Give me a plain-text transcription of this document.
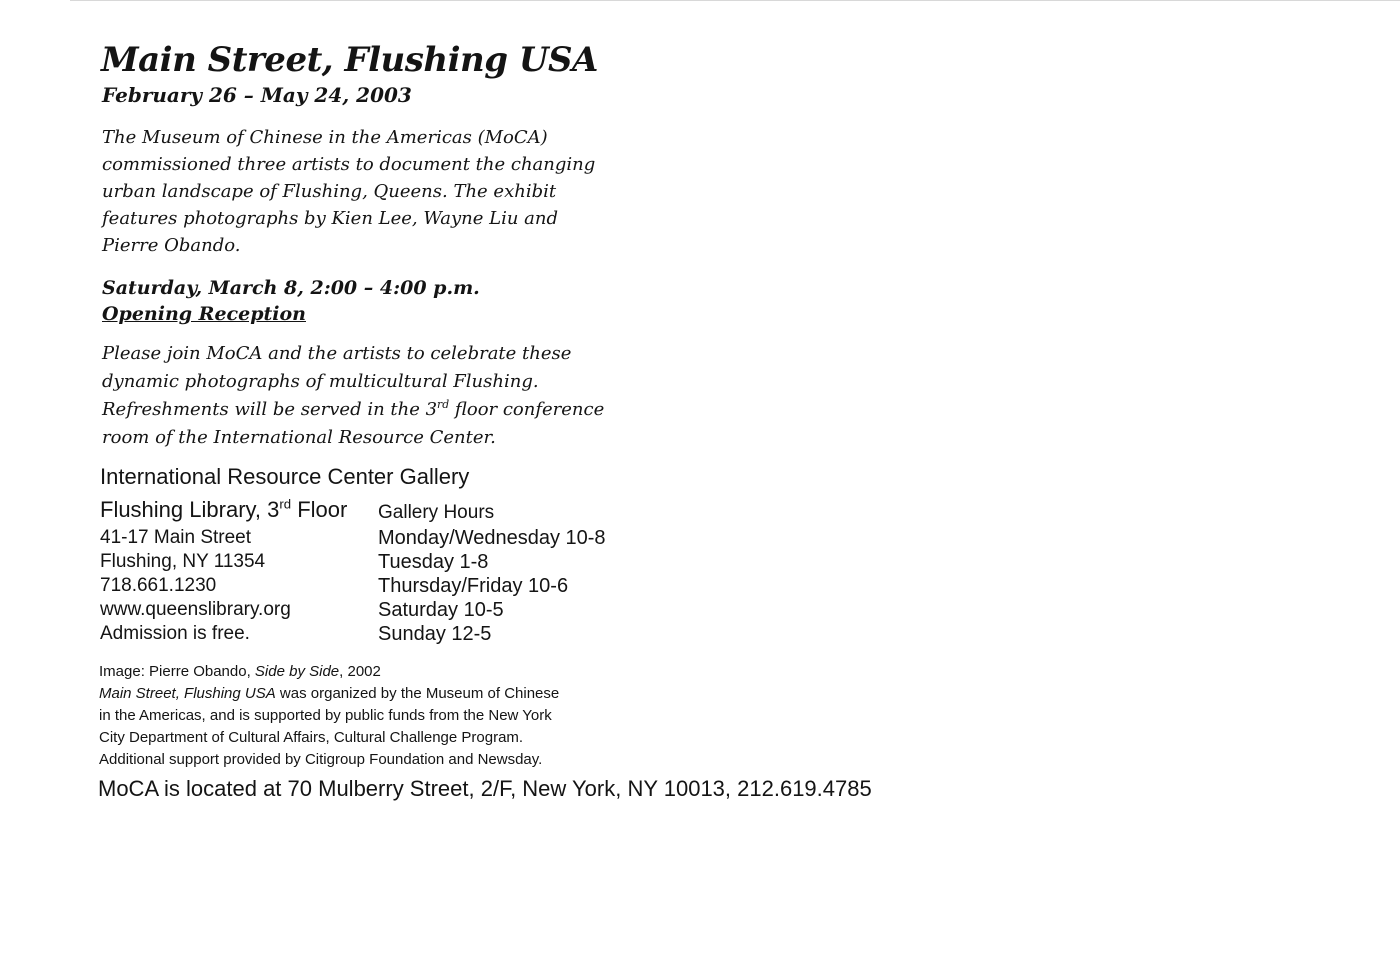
Main Street, Flushing USA
February 26 – May 24, 2003
The Museum of Chinese in the Americas (MoCA)
commissioned three artists to document the changing
urban landscape of Flushing, Queens. The exhibit
features photographs by Kien Lee, Wayne Liu and
Pierre Obando.
Saturday, March 8, 2:00 – 4:00 p.m.
Opening Reception
Please join MoCA and the artists to celebrate these
dynamic photographs of multicultural Flushing.
Refreshments will be served in the 3rd floor conference
room of the International Resource Center.
International Resource Center Gallery
Flushing Library, 3rd Floor
41-17 Main Street
Flushing, NY 11354
718.661.1230
www.queenslibrary.org
Admission is free.
Gallery Hours
Monday/Wednesday 10-8
Tuesday 1-8
Thursday/Friday 10-6
Saturday 10-5
Sunday 12-5
Image: Pierre Obando, Side by Side, 2002
Main Street, Flushing USA was organized by the Museum of Chinese
in the Americas, and is supported by public funds from the New York
City Department of Cultural Affairs, Cultural Challenge Program.
Additional support provided by Citigroup Foundation and Newsday.
MoCA is located at 70 Mulberry Street, 2/F, New York, NY 10013, 212.619.4785
